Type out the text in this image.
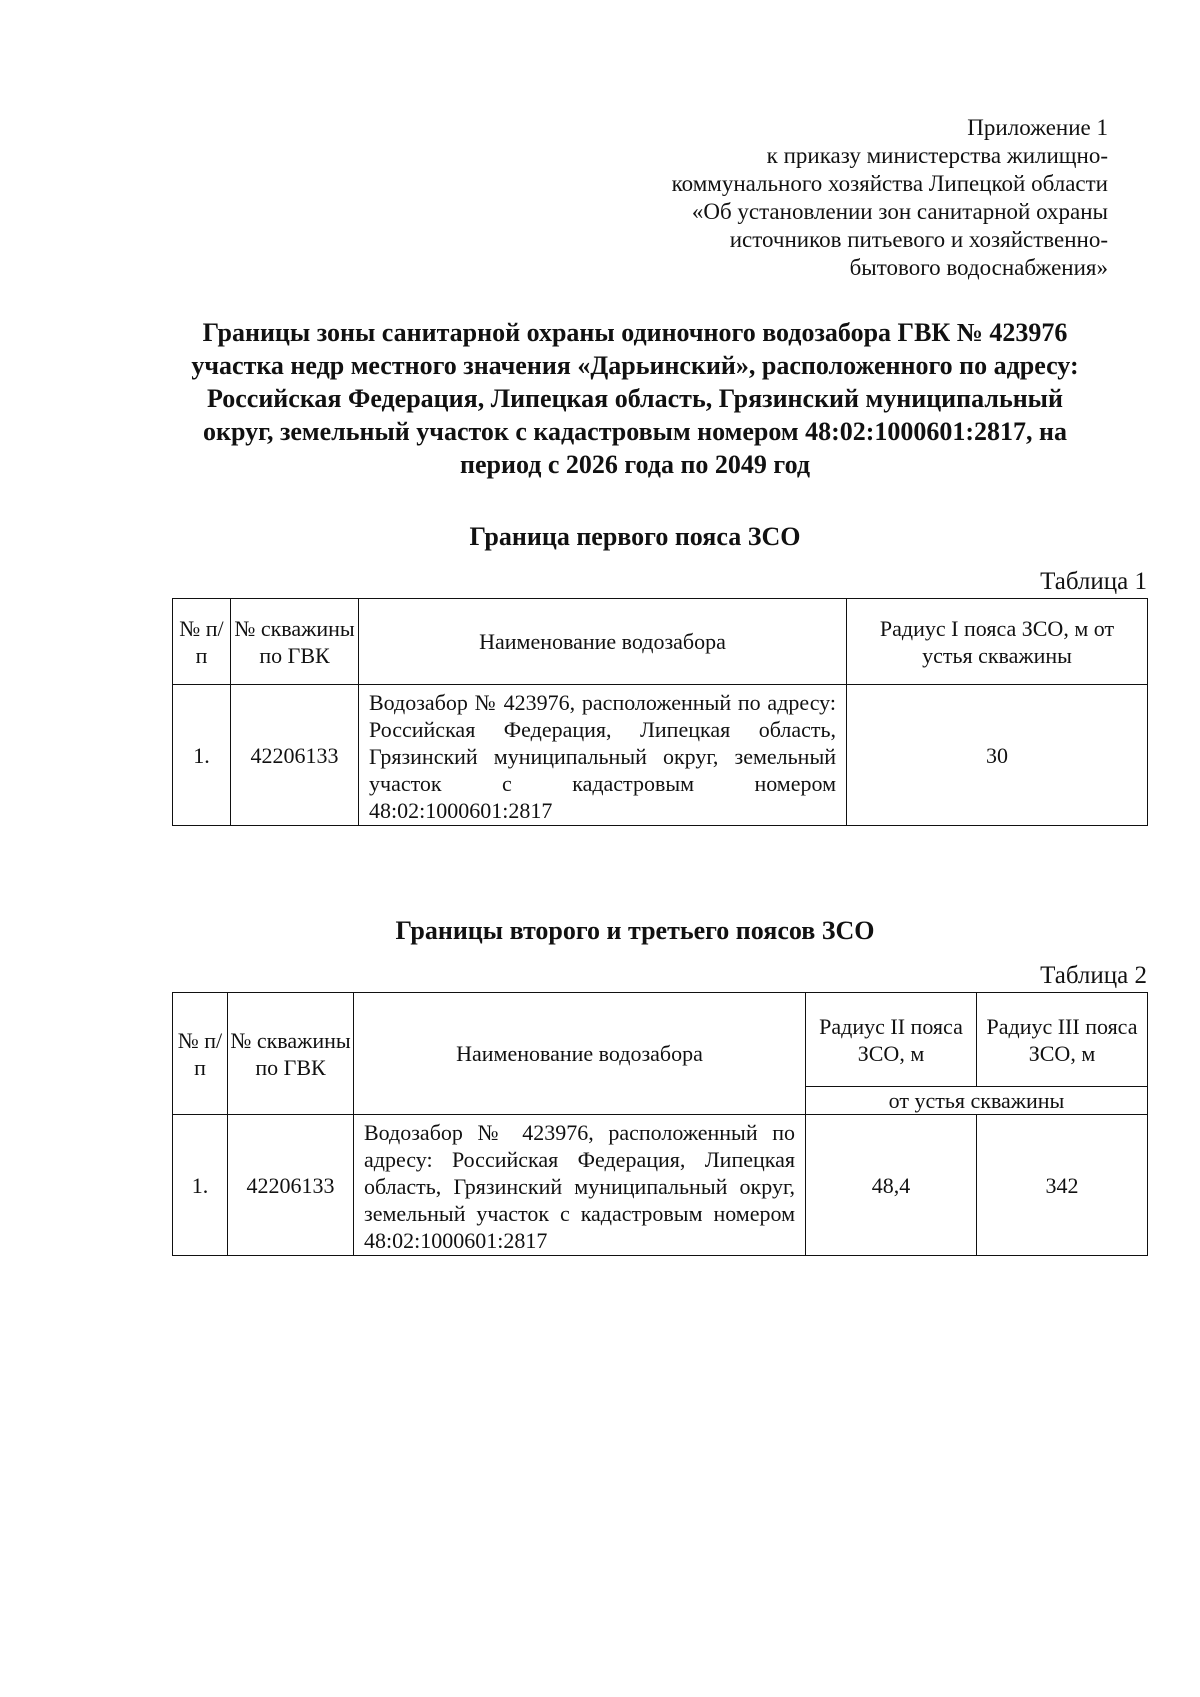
Приложение 1
к приказу министерства жилищно-
коммунального хозяйства Липецкой области
«Об установлении зон санитарной охраны
источников питьевого и хозяйственно-
бытового водоснабжения»
Границы зоны санитарной охраны одиночного водозабора ГВК № 423976
участка недр местного значения «Дарьинский», расположенного по адресу:
Российская Федерация, Липецкая область, Грязинский муниципальный
округ, земельный участок с кадастровым номером 48:02:1000601:2817, на
период с 2026 года по 2049 год
Граница первого пояса ЗСО
Таблица 1
№ п/п	№ скважины по ГВК	Наименование водозабора	Радиус I пояса ЗСО, м от устья скважины
1.	42206133	Водозабор № 423976, расположенный по адресу: Российская Федерация, Липецкая область, Грязинский муниципальный округ, земельный участок с кадастровым номером 48:02:1000601:2817	30
Границы второго и третьего поясов ЗСО
Таблица 2
№ п/п	№ скважины по ГВК	Наименование водозабора	Радиус II пояса ЗСО, м	Радиус III пояса ЗСО, м
			от устья скважины	
1.	42206133	Водозабор № 423976, расположенный по адресу: Российская Федерация, Липецкая область, Грязинский муниципальный округ, земельный участок с кадастровым номером 48:02:1000601:2817	48,4	342
